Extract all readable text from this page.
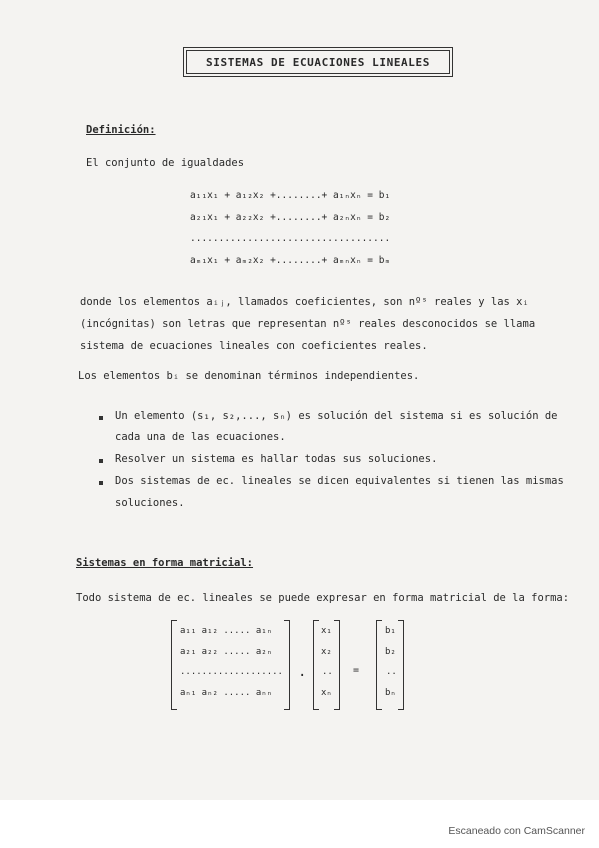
SISTEMAS DE ECUACIONES LINEALES
Definición:
El conjunto de igualdades
a₁₁x₁ + a₁₂x₂ +........+ a₁ₙxₙ = b₁
a₂₁x₁ + a₂₂x₂ +........+ a₂ₙxₙ = b₂
...................................
aₘ₁x₁ + aₘ₂x₂ +........+ aₘₙxₙ = bₘ
donde los elementos aᵢⱼ, llamados coeficientes, son nºˢ reales y las xᵢ
(incógnitas) son letras que representan nºˢ reales desconocidos se llama
sistema de ecuaciones lineales con coeficientes reales.
Los elementos bᵢ se denominan términos independientes.
Un elemento (s₁, s₂,..., sₙ) es solución del sistema si es solución de
cada una de las ecuaciones.
Resolver un sistema es hallar todas sus soluciones.
Dos sistemas de ec. lineales se dicen equivalentes si tienen las mismas
soluciones.
Sistemas en forma matricial:
Todo sistema de ec. lineales se puede expresar en forma matricial de la forma:
a₁₁ a₁₂ ..... a₁ₙ
a₂₁ a₂₂ ..... a₂ₙ
...................
aₙ₁ aₙ₂ ..... aₙₙ
.
x₁
x₂
..
xₙ
=
b₁
b₂
..
bₙ
Escaneado con CamScanner
